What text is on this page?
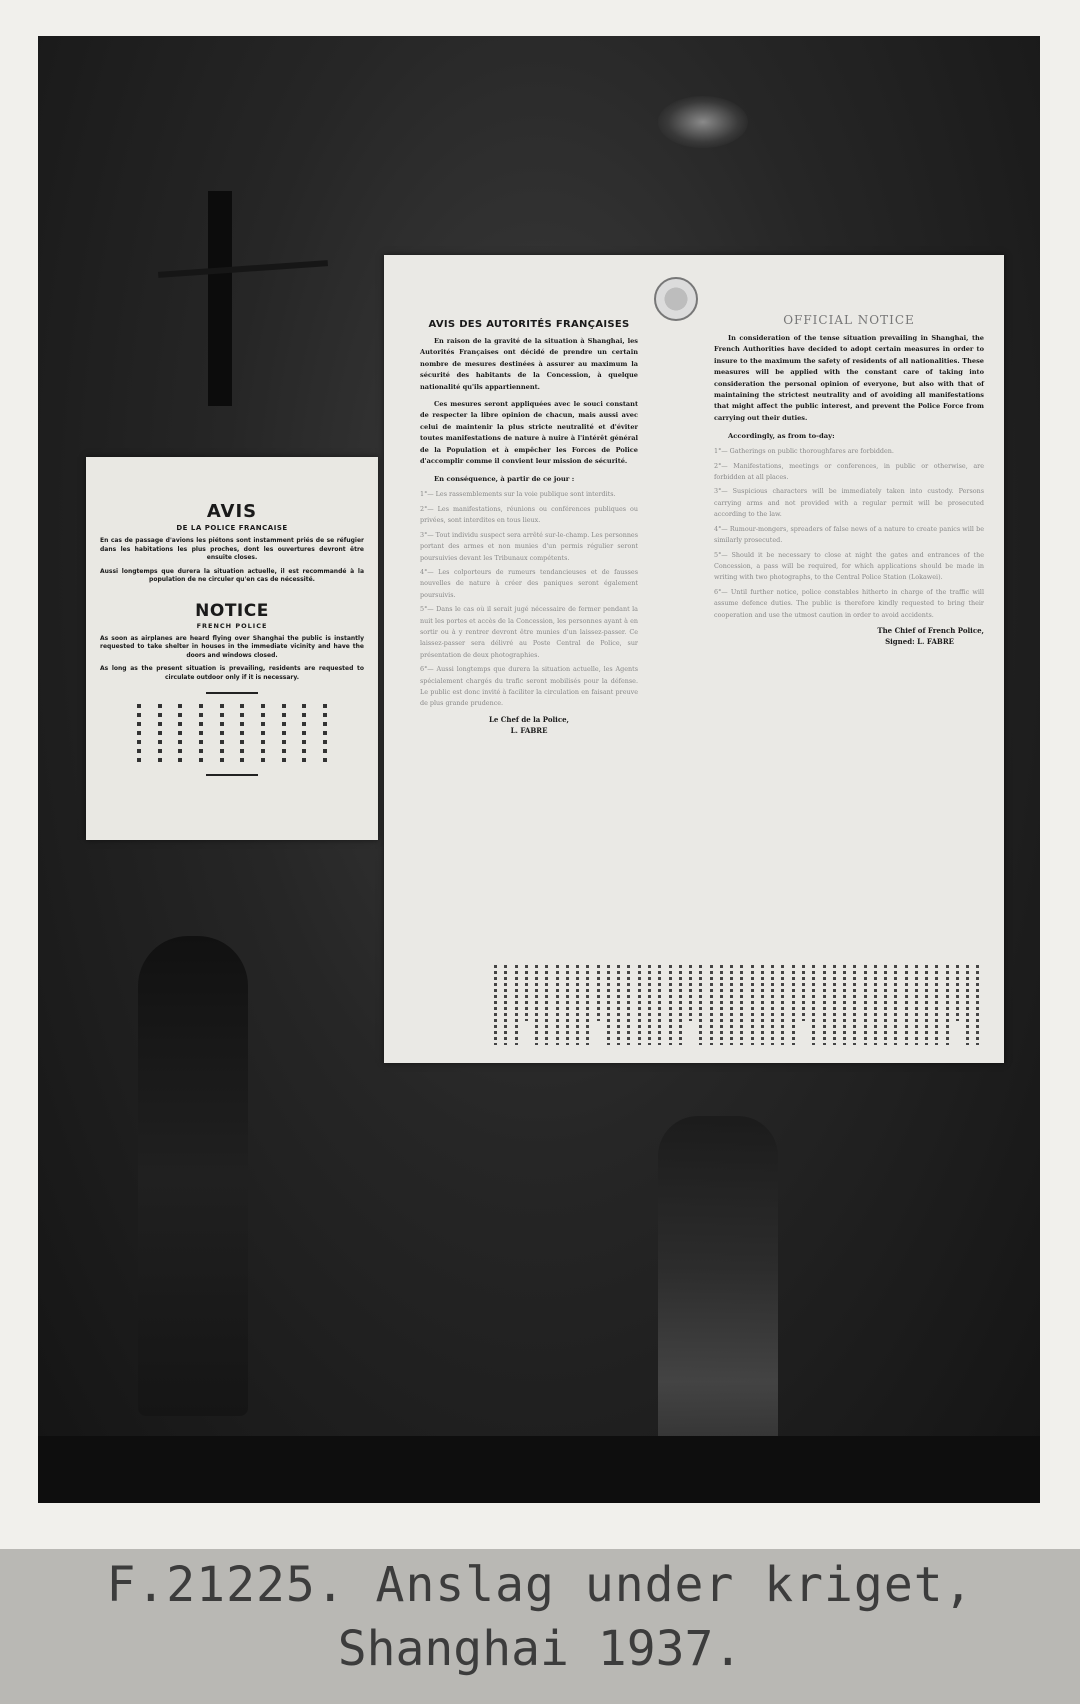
AVIS
DE LA POLICE FRANCAISE
En cas de passage d'avions les piétons sont instamment priés de se réfugier dans les habitations les plus proches, dont les ouvertures devront être ensuite closes.
Aussi longtemps que durera la situation actuelle, il est recommandé à la population de ne circuler qu'en cas de nécessité.
NOTICE
FRENCH POLICE
As soon as airplanes are heard flying over Shanghai the public is instantly requested to take shelter in houses in the immediate vicinity and have the doors and windows closed.
As long as the present situation is prevailing, residents are requested to circulate outdoor only if it is necessary.
AVIS DES AUTORITÉS FRANÇAISES
En raison de la gravité de la situation à Shanghai, les Autorités Françaises ont décidé de prendre un certain nombre de mesures destinées à assurer au maximum la sécurité des habitants de la Concession, à quelque nationalité qu'ils appartiennent.
Ces mesures seront appliquées avec le souci constant de respecter la libre opinion de chacun, mais aussi avec celui de maintenir la plus stricte neutralité et d'éviter toutes manifestations de nature à nuire à l'intérêt général de la Population et à empêcher les Forces de Police d'accomplir comme il convient leur mission de sécurité.
En conséquence, à partir de ce jour :
1°— Les rassemblements sur la voie publique sont interdits.
2°— Les manifestations, réunions ou conférences publiques ou privées, sont interdites en tous lieux.
3°— Tout individu suspect sera arrêté sur-le-champ. Les personnes portant des armes et non munies d'un permis régulier seront poursuivies devant les Tribunaux compétents.
4°— Les colporteurs de rumeurs tendancieuses et de fausses nouvelles de nature à créer des paniques seront également poursuivis.
5°— Dans le cas où il serait jugé nécessaire de fermer pendant la nuit les portes et accès de la Concession, les personnes ayant à en sortir ou à y rentrer devront être munies d'un laissez-passer. Ce laissez-passer sera délivré au Poste Central de Police, sur présentation de deux photographies.
6°— Aussi longtemps que durera la situation actuelle, les Agents spécialement chargés du trafic seront mobilisés pour la défense. Le public est donc invité à faciliter la circulation en faisant preuve de plus grande prudence.
Le Chef de la Police,
L. FABRE
OFFICIAL NOTICE
In consideration of the tense situation prevailing in Shanghai, the French Authorities have decided to adopt certain measures in order to insure to the maximum the safety of residents of all nationalities. These measures will be applied with the constant care of taking into consideration the personal opinion of everyone, but also with that of maintaining the strictest neutrality and of avoiding all manifestations that might affect the public interest, and prevent the Police Force from carrying out their duties.
Accordingly, as from to-day:
1°— Gatherings on public thoroughfares are forbidden.
2°— Manifestations, meetings or conferences, in public or otherwise, are forbidden at all places.
3°— Suspicious characters will be immediately taken into custody. Persons carrying arms and not provided with a regular permit will be prosecuted according to the law.
4°— Rumour-mongers, spreaders of false news of a nature to create panics will be similarly prosecuted.
5°— Should it be necessary to close at night the gates and entrances of the Concession, a pass will be required, for which applications should be made in writing with two photographs, to the Central Police Station (Lokawei).
6°— Until further notice, police constables hitherto in charge of the traffic will assume defence duties. The public is therefore kindly requested to bring their cooperation and use the utmost caution in order to avoid accidents.
The Chief of French Police,
Signed: L. FABRE
F.21225. Anslag under kriget,
Shanghai 1937.
